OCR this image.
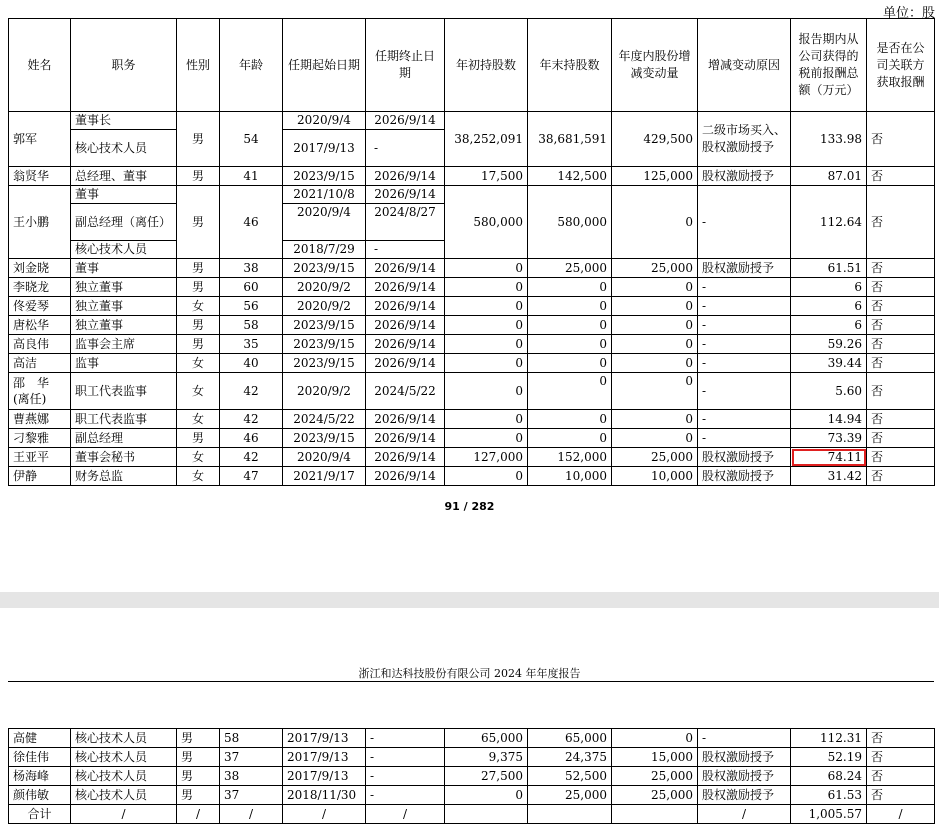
单位：股
姓名	职务	性别	年龄	任期起始日期	任期终止日期	年初持股数	年末持股数	年度内股份增减变动量	增减变动原因	报告期内从公司获得的税前报酬总额（万元）	是否在公司关联方获取报酬
郭军	董事长	男	54	2020/9/4	2026/9/14	38,252,091	38,681,591	429,500	二级市场买入、股权激励授予	133.98	否
	核心技术人员			2017/9/13	-						
翁贤华	总经理、董事	男	41	2023/9/15	2026/9/14	17,500	142,500	125,000	股权激励授予	87.01	否
王小鹏	董事	男	46	2021/10/8	2026/9/14	580,000	580,000	0	-	112.64	否
	副总经理（离任）			2020/9/4	2024/8/27						
	核心技术人员			2018/7/29	-						
刘金晓	董事	男	38	2023/9/15	2026/9/14	0	25,000	25,000	股权激励授予	61.51	否
李晓龙	独立董事	男	60	2020/9/2	2026/9/14	0	0	0	-	6	否
佟爱琴	独立董事	女	56	2020/9/2	2026/9/14	0	0	0	-	6	否
唐松华	独立董事	男	58	2023/9/15	2026/9/14	0	0	0	-	6	否
高良伟	监事会主席	男	35	2023/9/15	2026/9/14	0	0	0	-	59.26	否
高洁	监事	女	40	2023/9/15	2026/9/14	0	0	0	-	39.44	否

邵　华
(离任)	职工代表监事	女	42	2020/9/2	2024/5/22	0	0	0	-	5.60	否
曹燕娜	职工代表监事	女	42	2024/5/22	2026/9/14	0	0	0	-	14.94	否
刁黎雅	副总经理	男	46	2023/9/15	2026/9/14	0	0	0	-	73.39	否
王亚平	董事会秘书	女	42	2020/9/4	2026/9/14	127,000	152,000	25,000	股权激励授予	74.11	否
伊静	财务总监	女	47	2021/9/17	2026/9/14	0	10,000	10,000	股权激励授予	31.42	否
91 / 282
浙江和达科技股份有限公司 2024 年年度报告
高健	核心技术人员	男	58	2017/9/13	-	65,000	65,000	0	-	112.31	否
徐佳伟	核心技术人员	男	37	2017/9/13	-	9,375	24,375	15,000	股权激励授予	52.19	否
杨海峰	核心技术人员	男	38	2017/9/13	-	27,500	52,500	25,000	股权激励授予	68.24	否
颜伟敏	核心技术人员	男	37	2018/11/30	-	0	25,000	25,000	股权激励授予	61.53	否
合计	/	/	/	/	/				/	1,005.57	/
